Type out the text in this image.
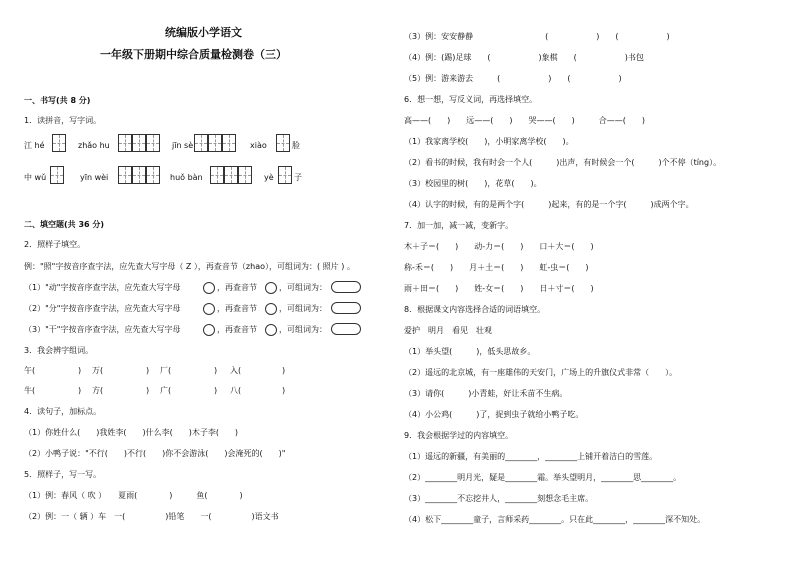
统编版小学语文
一年级下册期中综合质量检测卷（三）
一、书写(共 8 分)
1．读拼音，写字词。
江 hé	zhǎo hu	jīn sè	xiào	脸
中 wǔ	yīn wèi	huǒ bàn	yè	子
二、填空题(共 36 分)
2．照样子填空。
例："照"字按音序查字法，应先查大写字母（ Z ），再查音节（zhao），可组词为：( 照片 ) 。
（1）"动"字按音序查字法，应先查大写字母	，再查音节	，可组词为：
（2）"分"字按音序查字法，应先查大写字母	，再查音节	，可组词为：
（3）"干"字按音序查字法，应先查大写字母	，再查音节	，可组词为：
3．我会辨字组词。
午(	) 万(	) 厂(	) 入(	)
牛(	) 方(	) 广(	) 八(	)
4．读句子，加标点。
（1）你姓什么(　　)我姓李(　　)什么李(　　)木子李(　　)
（2）小鸭子说："不行(　　)不行(　　)你不会游泳(　　)会淹死的(　　)"
5．照样子，写一写。
（1）例：春风（ 吹 ）　　夏雨(　　　　)　　　鱼(　　　　)
（2）例：一（ 辆 ）车　一(　　　　　)铅笔　　一(　　　　　)语文书
（3）例：安安静静　　　　　　　　　(　　　　　　)　　(　　　　　　)
（4）例：(踢)足球　　(　　　　　　)象棋　　(　　　　　　)书包
（5）例：游来游去　　　(　　　　　　)　　(　　　　　　)
6．想一想，写反义词，再选择填空。
高——(　　)　　远——(　　)　　哭——(　　)　　　合——(　　)
（1）我家离学校(　　)，小明家离学校(　　)。
（2）看书的时候，我有时会一个人(　　　)出声，有时候会一个(　　　)个不停（tíng）。
（3）校园里的树(　　)，花草(　　)。
（4）认字的时候，有的是两个字(　　　)起来，有的是一个字(　　　)成两个字。
7．加一加，减一减，变新字。
木＋子＝(　　)　　动-力＝(　　)　　口＋大＝(　　)
称-禾＝(　　)　　月＋土＝(　　)　　虹-虫＝(　　)
雨＋田＝(　　)　　姓-女＝(　　)　　日＋寸＝(　　)
8．根据课文内容选择合适的词语填空。
爱护　明月　看见　壮观
（1）举头望(　　　)，低头思故乡。
（2）遥远的北京城，有一座雄伟的天安门，广场上的升旗仪式非常（　　）。
（3）请你(　　　)小青蛙，好让禾苗不生病。
（4）小公鸡(　　　)了，捉到虫子就给小鸭子吃。
9．我会根据学过的内容填空。
（1）遥远的新疆，有美丽的________，________上铺开着洁白的雪莲。
（2）________明月光，疑是________霜。举头望明月，________思________。
（3）________不忘挖井人，________刻想念毛主席。
（4）松下________童子，言师采药________。只在此________，________深不知处。
